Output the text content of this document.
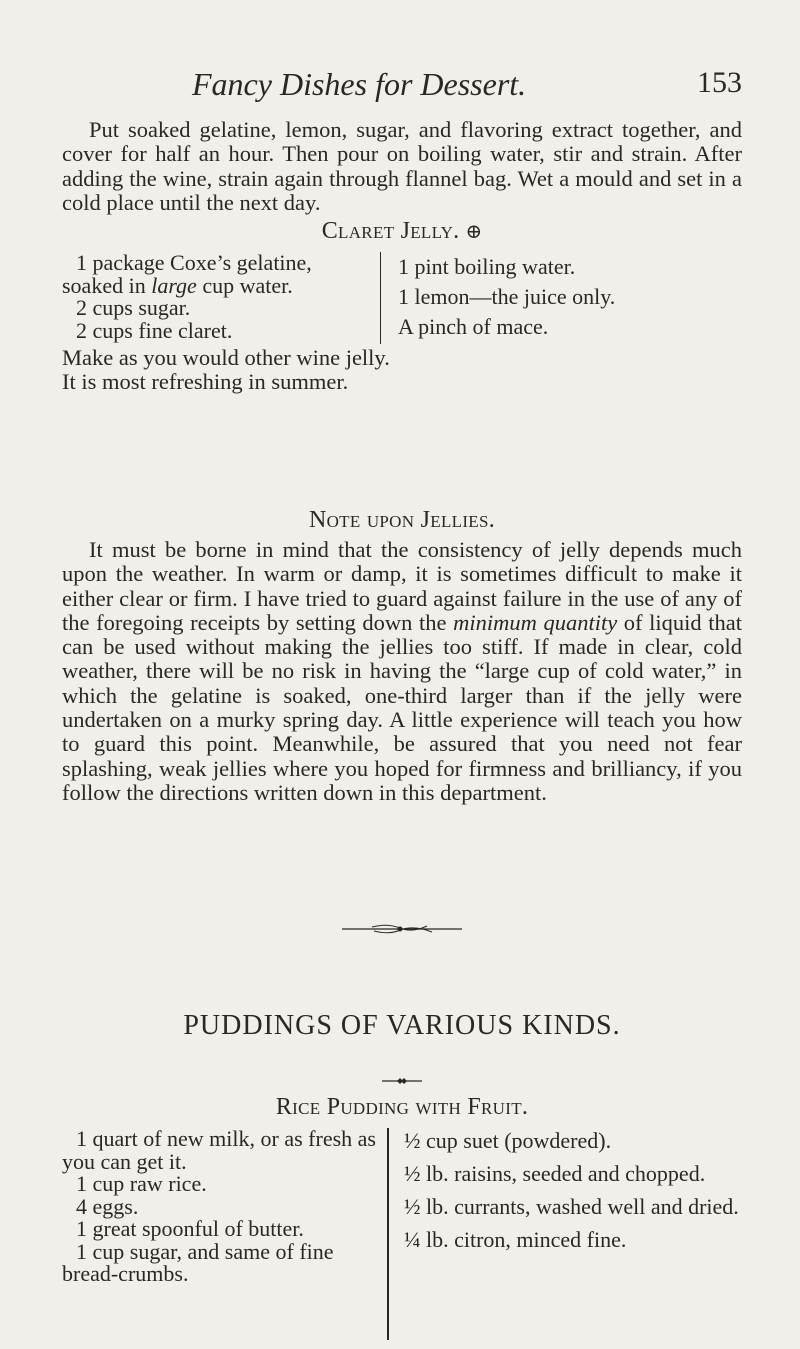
Fancy Dishes for Dessert.	153

Put soaked gelatine, lemon, sugar, and flavoring extract together, and cover for half an hour. Then pour on boiling water, stir and strain. After adding the wine, strain again through flannel bag. Wet a mould and set in a cold place until the next day.

Claret Jelly. ⊕

1 package Coxe’s gelatine,

soaked in large cup water.

2 cups sugar.

2 cups fine claret.

1 pint boiling water.

1 lemon—the juice only.

A pinch of mace.

Make as you would other wine jelly.

It is most refreshing in summer.

Note upon Jellies.

It must be borne in mind that the consistency of jelly depends much upon the weather. In warm or damp, it is sometimes difficult to make it either clear or firm. I have tried to guard against failure in the use of any of the foregoing receipts by setting down the minimum quantity of liquid that can be used without making the jellies too stiff. If made in clear, cold weather, there will be no risk in having the “large cup of cold water,” in which the gelatine is soaked, one-third larger than if the jelly were undertaken on a murky spring day. A little experience will teach you how to guard this point. Meanwhile, be assured that you need not fear splashing, weak jellies where you hoped for firmness and brilliancy, if you follow the directions written down in this department.

PUDDINGS OF VARIOUS KINDS.
Rice Pudding with Fruit.

1 quart of new milk, or as fresh as you can get it.

1 cup raw rice.

4 eggs.

1 great spoonful of butter.

1 cup sugar, and same of fine bread-crumbs.

½ cup suet (powdered).

½ lb. raisins, seeded and chopped.

½ lb. currants, washed well and dried.

¼ lb. citron, minced fine.
